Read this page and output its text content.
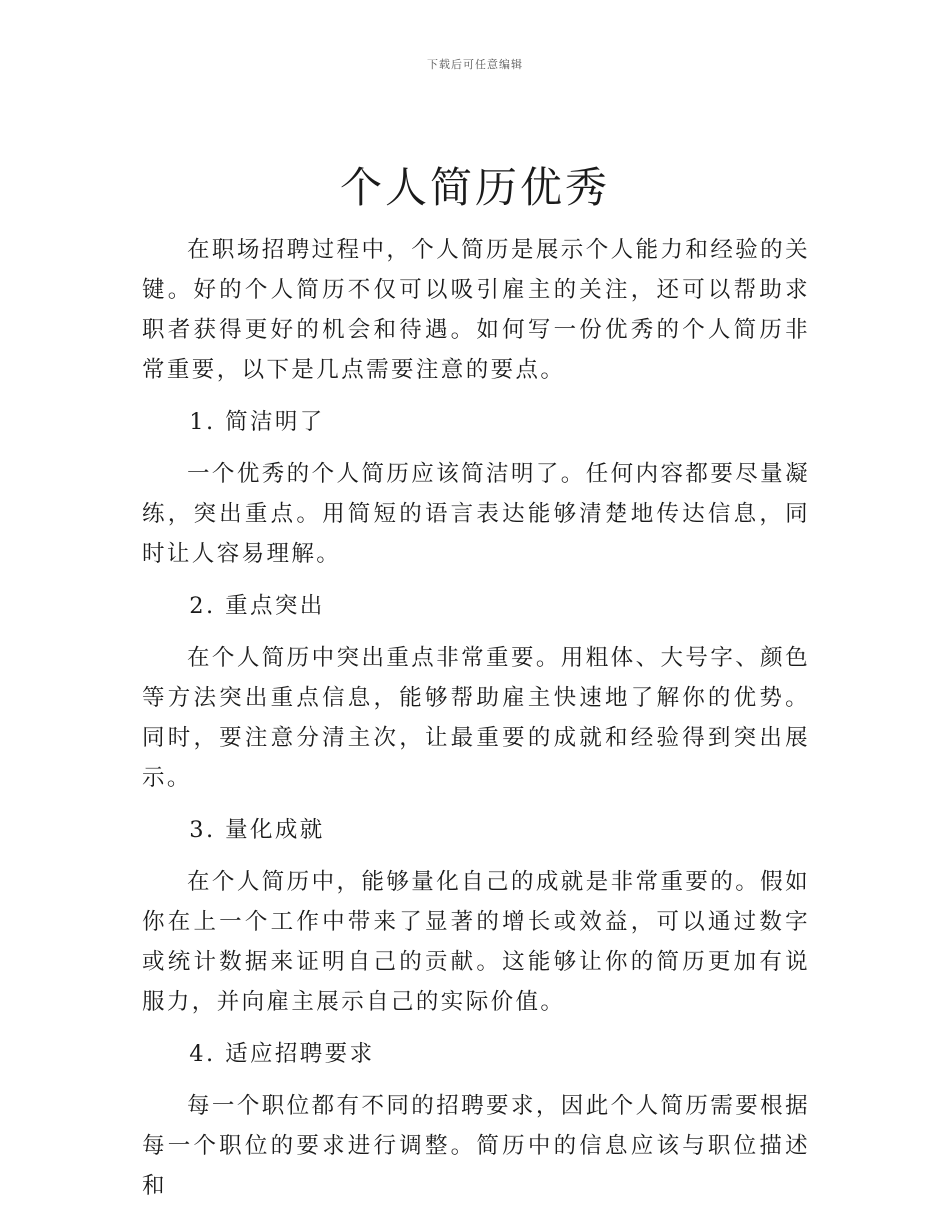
下载后可任意编辑
个人简历优秀

在职场招聘过程中，个人简历是展示个人能力和经验的关键。好的个人简历不仅可以吸引雇主的关注，还可以帮助求职者获得更好的机会和待遇。如何写一份优秀的个人简历非常重要，以下是几点需要注意的要点。

1. 简洁明了

一个优秀的个人简历应该简洁明了。任何内容都要尽量凝练，突出重点。用简短的语言表达能够清楚地传达信息，同时让人容易理解。

2. 重点突出

在个人简历中突出重点非常重要。用粗体、大号字、颜色等方法突出重点信息，能够帮助雇主快速地了解你的优势。同时，要注意分清主次，让最重要的成就和经验得到突出展示。

3. 量化成就

在个人简历中，能够量化自己的成就是非常重要的。假如你在上一个工作中带来了显著的增长或效益，可以通过数字或统计数据来证明自己的贡献。这能够让你的简历更加有说服力，并向雇主展示自己的实际价值。

4. 适应招聘要求

每一个职位都有不同的招聘要求，因此个人简历需要根据每一个职位的要求进行调整。简历中的信息应该与职位描述和
